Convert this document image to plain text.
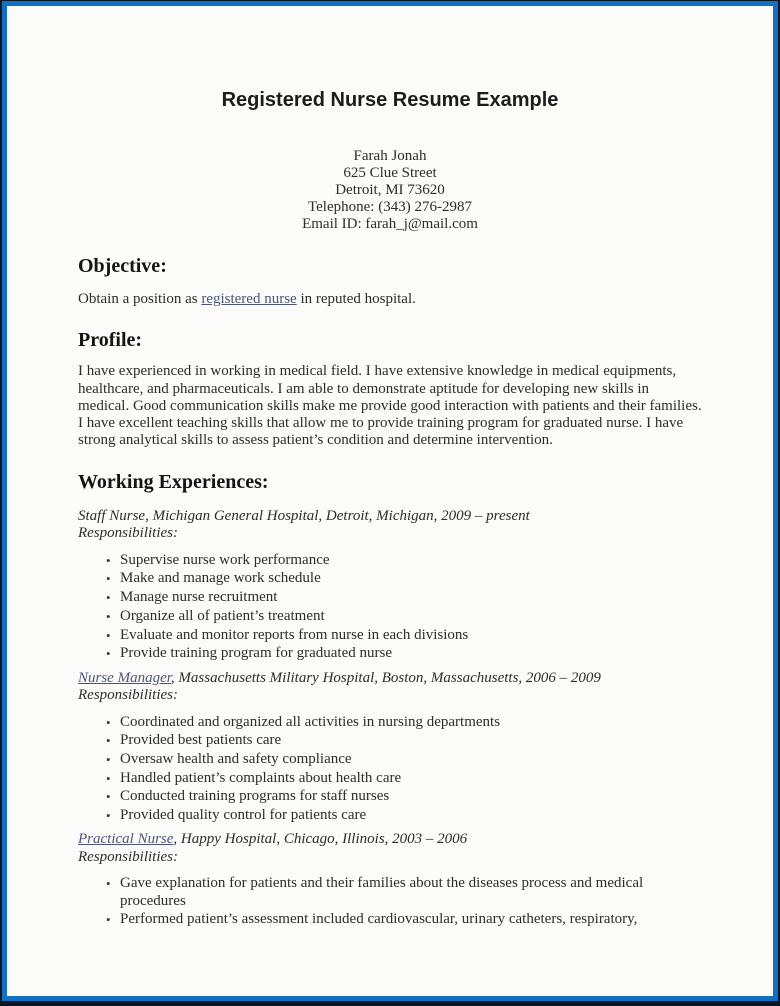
Registered Nurse Resume Example
Farah Jonah
625 Clue Street
Detroit, MI 73620
Telephone: (343) 276-2987
Email ID: farah_j@mail.com
Objective:

Obtain a position as registered nurse in reputed hospital.

Profile:

I have experienced in working in medical field. I have extensive knowledge in medical equipments, healthcare, and pharmaceuticals. I am able to demonstrate aptitude for developing new skills in medical. Good communication skills make me provide good interaction with patients and their families. I have excellent teaching skills that allow me to provide training program for graduated nurse. I have strong analytical skills to assess patient’s condition and determine intervention.

Working Experiences:

Staff Nurse, Michigan General Hospital, Detroit, Michigan, 2009 – present

Responsibilities:

• Supervise nurse work performance
• Make and manage work schedule
• Manage nurse recruitment
• Organize all of patient’s treatment
• Evaluate and monitor reports from nurse in each divisions
• Provide training program for graduated nurse

Nurse Manager, Massachusetts Military Hospital, Boston, Massachusetts, 2006 – 2009

Responsibilities:

• Coordinated and organized all activities in nursing departments
• Provided best patients care
• Oversaw health and safety compliance
• Handled patient’s complaints about health care
• Conducted training programs for staff nurses
• Provided quality control for patients care

Practical Nurse, Happy Hospital, Chicago, Illinois, 2003 – 2006

Responsibilities:

• Gave explanation for patients and their families about the diseases process and medical procedures
• Performed patient’s assessment included cardiovascular, urinary catheters, respiratory,
